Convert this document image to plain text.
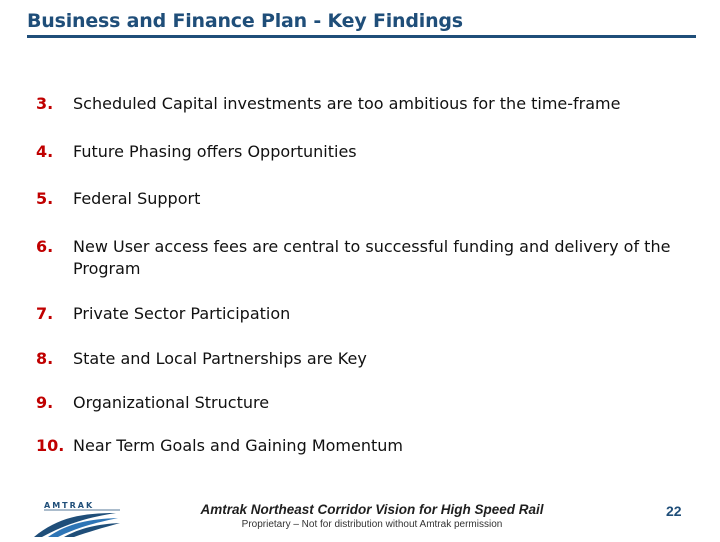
Business and Finance Plan - Key Findings
3.	Scheduled Capital investments are too ambitious for the time-frame
4.	Future Phasing offers Opportunities
5.	Federal Support
6.	New User access fees are central to successful funding and delivery of the Program
7.	Private Sector Participation
8.	State and Local Partnerships are Key
9.	Organizational Structure
10. Near Term Goals and Gaining Momentum
AMTRAK	Amtrak Northeast Corridor Vision for High Speed Rail
Proprietary – Not for distribution without Amtrak permission
22
